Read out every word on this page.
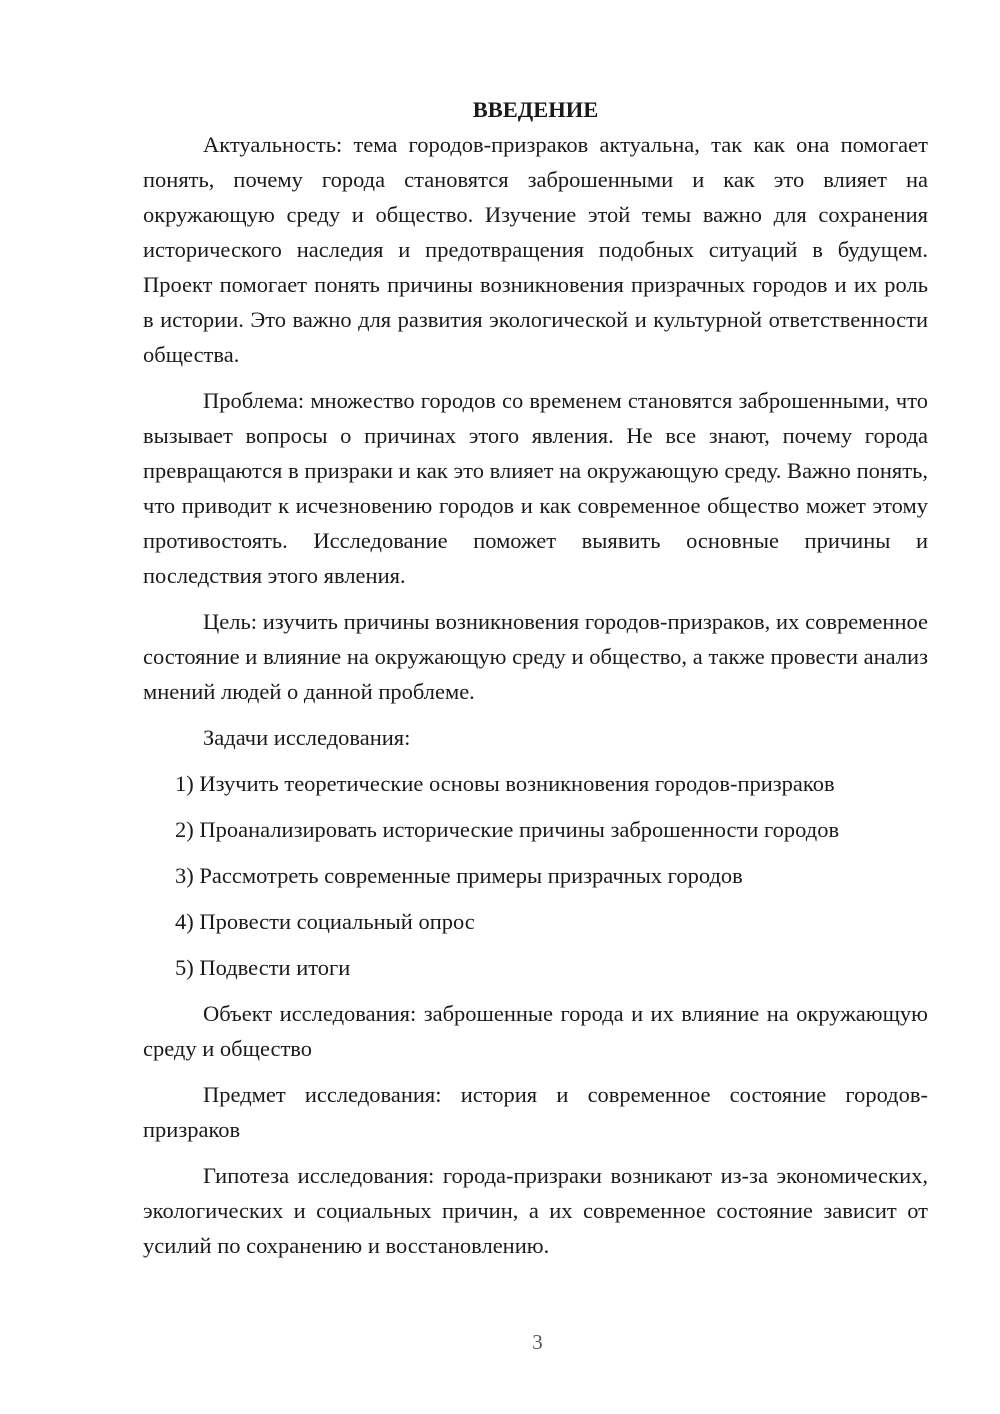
ВВЕДЕНИЕ

Актуальность: тема городов-призраков актуальна, так как она помогает понять, почему города становятся заброшенными и как это влияет на окружающую среду и общество. Изучение этой темы важно для сохранения исторического наследия и предотвращения подобных ситуаций в будущем. Проект помогает понять причины возникновения призрачных городов и их роль в истории. Это важно для развития экологической и культурной ответственности общества.

Проблема: множество городов со временем становятся заброшенными, что вызывает вопросы о причинах этого явления. Не все знают, почему города превращаются в призраки и как это влияет на окружающую среду. Важно понять, что приводит к исчезновению городов и как современное общество может этому противостоять. Исследование поможет выявить основные причины и последствия этого явления.

Цель: изучить причины возникновения городов-призраков, их современное состояние и влияние на окружающую среду и общество, а также провести анализ мнений людей о данной проблеме.

Задачи исследования:

1) Изучить теоретические основы возникновения городов-призраков

2) Проанализировать исторические причины заброшенности городов

3) Рассмотреть современные примеры призрачных городов

4) Провести социальный опрос

5) Подвести итоги

Объект исследования: заброшенные города и их влияние на окружающую среду и общество

Предмет исследования: история и современное состояние городов-призраков

Гипотеза исследования: города-призраки возникают из-за экономических, экологических и социальных причин, а их современное состояние зависит от усилий по сохранению и восстановлению.

3
